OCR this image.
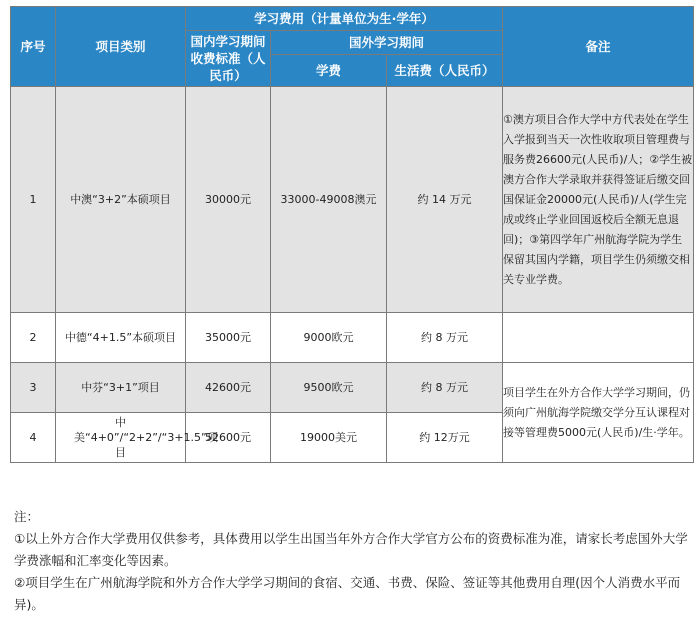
序号	项目类别	学习费用（计量单位为生·学年）			备注
		国内学习期间收费标准（人民币）	国外学习期间		
			学费	生活费（人民币）	
1	中澳“3+2”本硕项目	30000元	33000-49008澳元	约 14 万元	①澳方项目合作大学中方代表处在学生入学报到当天一次性收取项目管理费与服务费26600元(人民币)/人；②学生被澳方合作大学录取并获得签证后缴交回国保证金20000元(人民币)/人(学生完成或终止学业回国返校后全额无息退回)；③第四学年广州航海学院为学生保留其国内学籍，项目学生仍须缴交相关专业学费。
2	中德“4+1.5”本硕项目	35000元	9000欧元	约 8 万元	
3	中芬“3+1”项目	42600元	9500欧元	约 8 万元	项目学生在外方合作大学学习期间，仍须向广州航海学院缴交学分互认课程对接等管理费5000元(人民币)/生·学年。
4	中美“4+0”/“2+2”/“3+1.5”项目	52600元	19000美元	约 12万元	

注：

①以上外方合作大学费用仅供参考，具体费用以学生出国当年外方合作大学官方公布的资费标准为准，请家长考虑国外大学学费涨幅和汇率变化等因素。

②项目学生在广州航海学院和外方合作大学学习期间的食宿、交通、书费、保险、签证等其他费用自理(因个人消费水平而异)。
